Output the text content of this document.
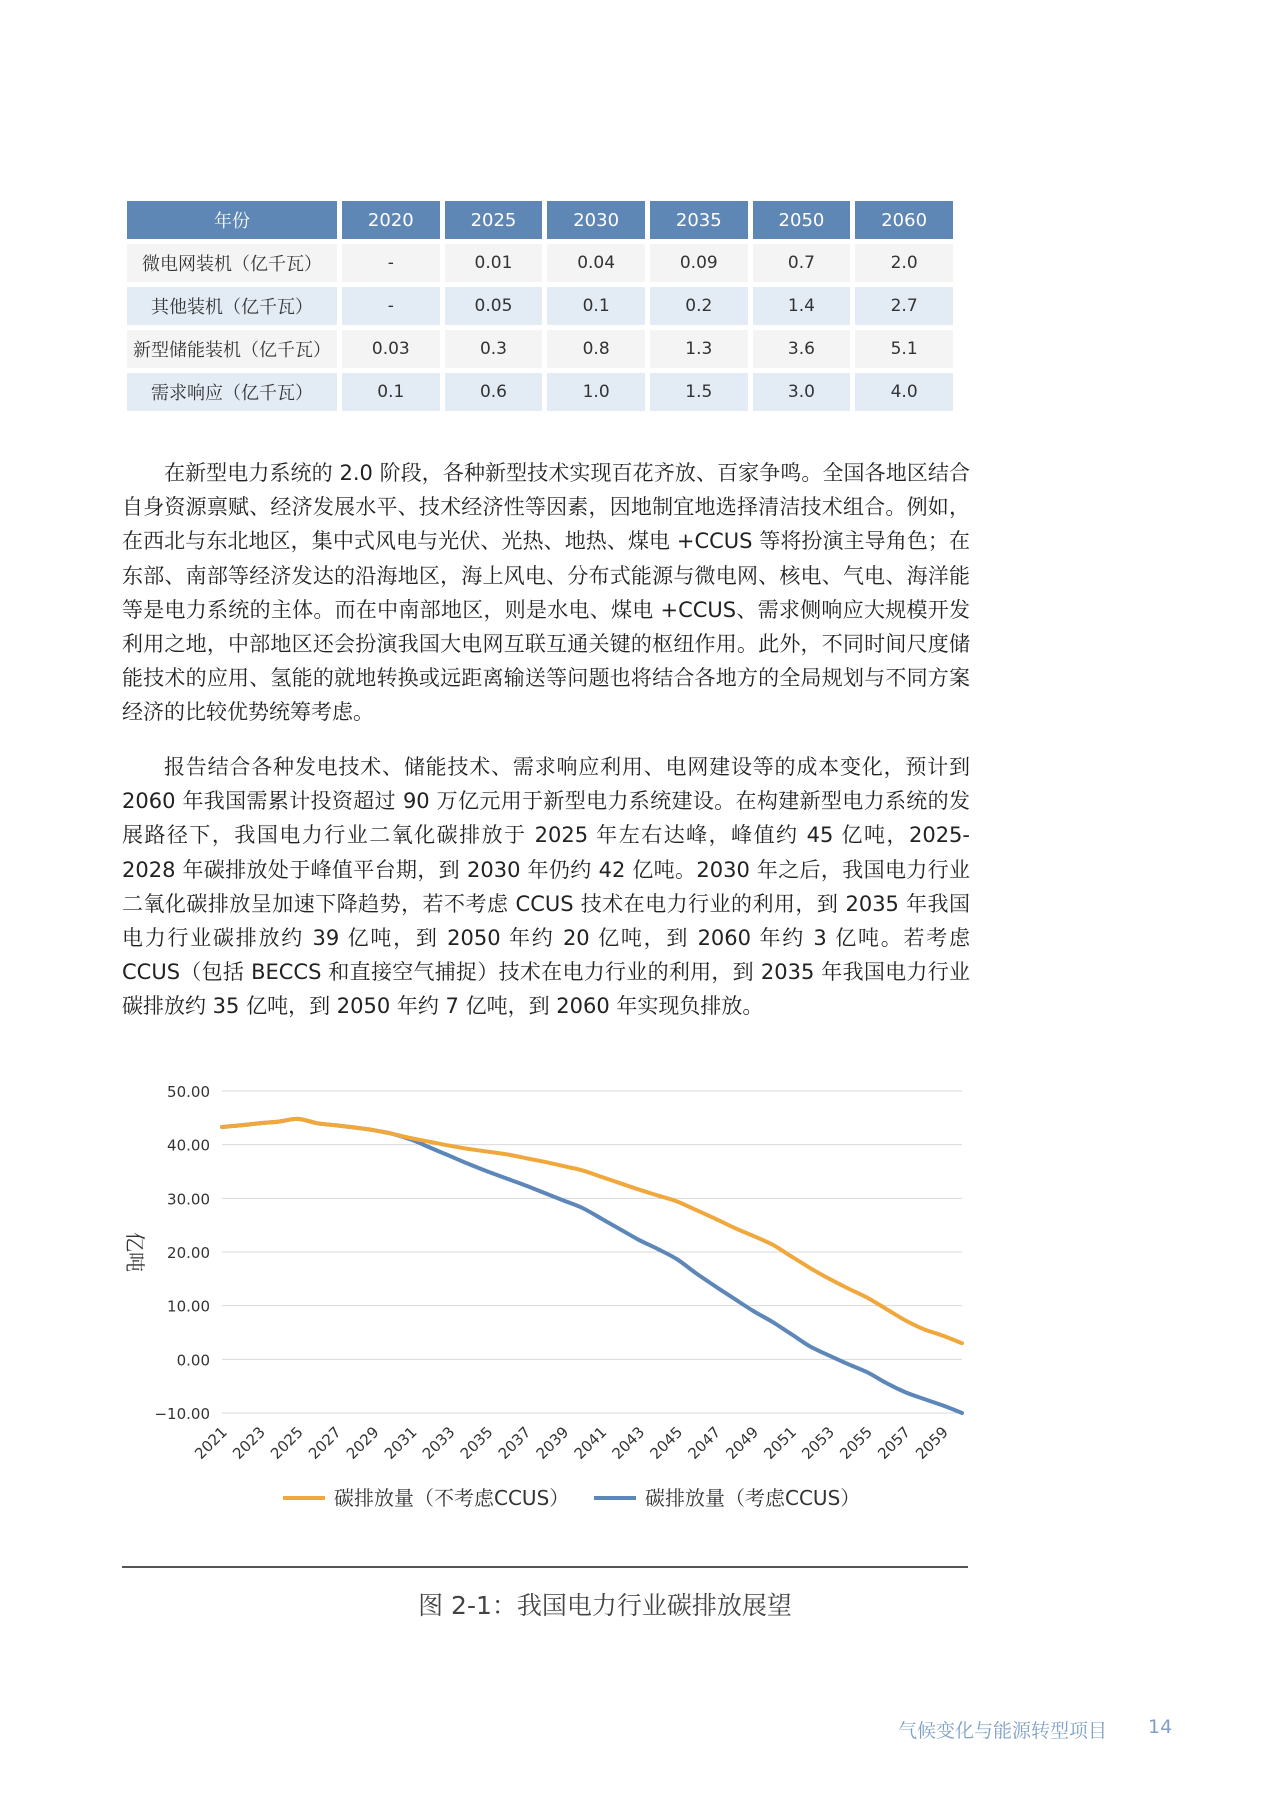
年份	2020	2025	2030	2035	2050	2060
微电网装机（亿千瓦）	-	0.01	0.04	0.09	0.7	2.0
其他装机（亿千瓦）	-	0.05	0.1	0.2	1.4	2.7
新型储能装机（亿千瓦）	0.03	0.3	0.8	1.3	3.6	5.1
需求响应（亿千瓦）	0.1	0.6	1.0	1.5	3.0	4.0

在新型电力系统的 2.0 阶段，各种新型技术实现百花齐放、百家争鸣。全国各地区结合自身资源禀赋、经济发展水平、技术经济性等因素，因地制宜地选择清洁技术组合。例如，在西北与东北地区，集中式风电与光伏、光热、地热、煤电 +CCUS 等将扮演主导角色；在东部、南部等经济发达的沿海地区，海上风电、分布式能源与微电网、核电、气电、海洋能等是电力系统的主体。而在中南部地区，则是水电、煤电 +CCUS、需求侧响应大规模开发利用之地，中部地区还会扮演我国大电网互联互通关键的枢纽作用。此外，不同时间尺度储能技术的应用、氢能的就地转换或远距离输送等问题也将结合各地方的全局规划与不同方案经济的比较优势统筹考虑。

报告结合各种发电技术、储能技术、需求响应利用、电网建设等的成本变化，预计到 2060 年我国需累计投资超过 90 万亿元用于新型电力系统建设。在构建新型电力系统的发展路径下，我国电力行业二氧化碳排放于 2025 年左右达峰，峰值约 45 亿吨，2025-2028 年碳排放处于峰值平台期，到 2030 年仍约 42 亿吨。2030 年之后，我国电力行业二氧化碳排放呈加速下降趋势，若不考虑 CCUS 技术在电力行业的利用，到 2035 年我国电力行业碳排放约 39 亿吨，到 2050 年约 20 亿吨，到 2060 年约 3 亿吨。若考虑 CCUS（包括 BECCS 和直接空气捕捉）技术在电力行业的利用，到 2035 年我国电力行业碳排放约 35 亿吨，到 2050 年约 7 亿吨，到 2060 年实现负排放。

50.00
40.00
30.00
20.00
10.00
0.00
−10.00
亿吨
2021
2023
2025
2027
2029
2031
2033
2035
2037
2039
2041
2043
2045
2047
2049
2051
2053
2055
2057
2059
碳排放量（不考虑CCUS）	碳排放量（考虑CCUS）
图 2-1：我国电力行业碳排放展望
气候变化与能源转型项目 14
